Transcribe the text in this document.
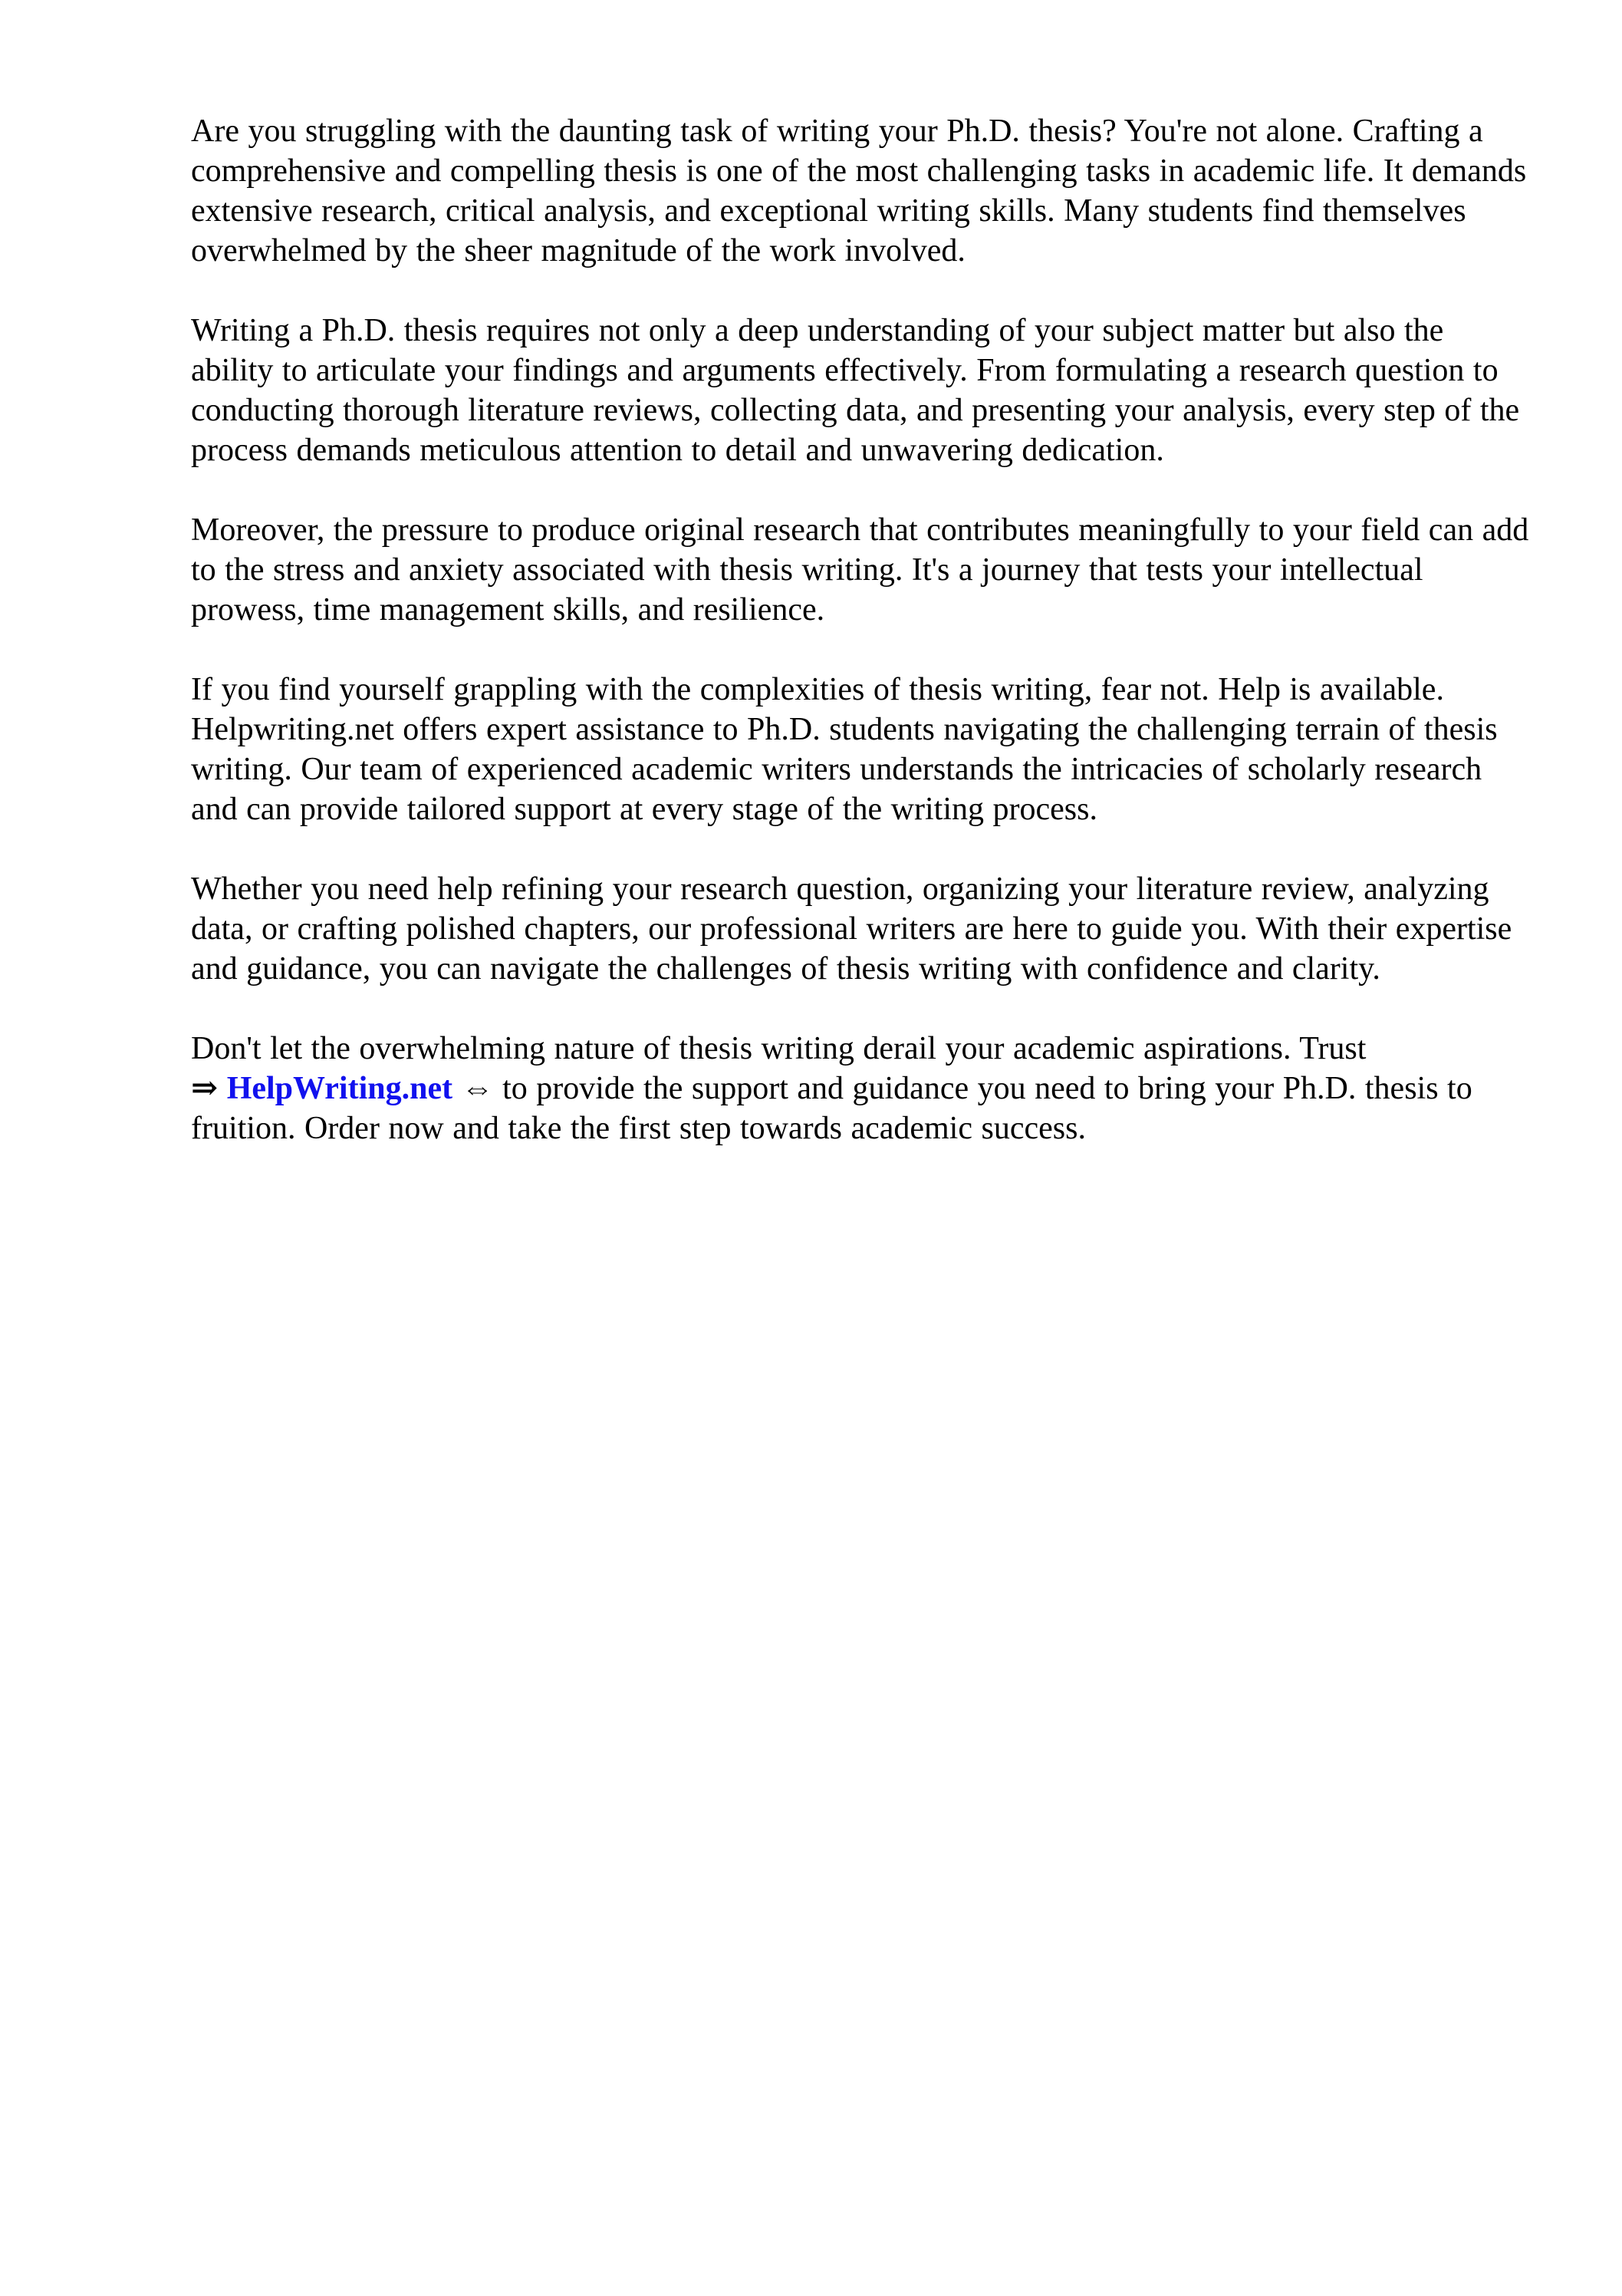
Are you struggling with the daunting task of writing your Ph.D. thesis? You're not alone. Crafting a comprehensive and compelling thesis is one of the most challenging tasks in academic life. It demands extensive research, critical analysis, and exceptional writing skills. Many students find themselves overwhelmed by the sheer magnitude of the work involved.

Writing a Ph.D. thesis requires not only a deep understanding of your subject matter but also the ability to articulate your findings and arguments effectively. From formulating a research question to conducting thorough literature reviews, collecting data, and presenting your analysis, every step of the process demands meticulous attention to detail and unwavering dedication.

Moreover, the pressure to produce original research that contributes meaningfully to your field can add to the stress and anxiety associated with thesis writing. It's a journey that tests your intellectual prowess, time management skills, and resilience.

If you find yourself grappling with the complexities of thesis writing, fear not. Help is available. Helpwriting.net offers expert assistance to Ph.D. students navigating the challenging terrain of thesis writing. Our team of experienced academic writers understands the intricacies of scholarly research and can provide tailored support at every stage of the writing process.

Whether you need help refining your research question, organizing your literature review, analyzing data, or crafting polished chapters, our professional writers are here to guide you. With their expertise and guidance, you can navigate the challenges of thesis writing with confidence and clarity.

Don't let the overwhelming nature of thesis writing derail your academic aspirations. Trust ⇒ HelpWriting.net ⇔ to provide the support and guidance you need to bring your Ph.D. thesis to fruition. Order now and take the first step towards academic success.
